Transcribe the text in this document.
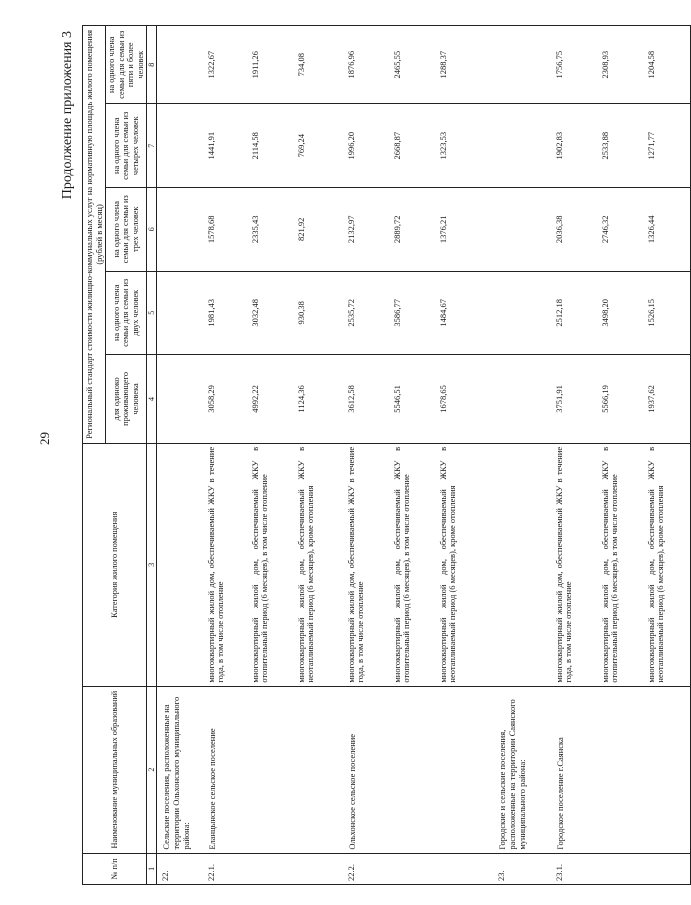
29
Продолжение приложения 3
№ п/п	Наименование муниципальных образований	Категория жилого помещения	Региональный стандарт стоимости жилищно-коммунальных услуг на нормативную площадь жилого помещения (рублей в месяц)				
			для одиноко проживающего человека	на одного члена семьи для семьи из двух человек	на одного члена семьи для семьи из трех человек	на одного члена семьи для семьи из четырех человек	на одного члена семьи для семьи из пяти и более человек
1	2	3	4	5	6	7	8
22.	Сельские поселения, расположенные на территории Ольхонского муниципального района:						
22.1.	Еланцынское сельское поселение	многоквартирный жилой дом, обеспечиваемый ЖКУ в течение года, в том числе отопление	3058,29	1981,43	1578,68	1441,91	1322,67
		многоквартирный жилой дом, обеспечиваемый ЖКУ в отопительный период (6 месяцев), в том числе отопление	4992,22	3032,48	2335,43	2114,58	1911,26
		многоквартирный жилой дом, обеспечиваемый ЖКУ в неотапливаемый период (6 месяцев), кроме отопления	1124,36	930,38	821,92	769,24	734,08
22.2.	Ольхонское сельское поселение	многоквартирный жилой дом, обеспечиваемый ЖКУ в течение года, в том числе отопление	3612,58	2535,72	2132,97	1996,20	1876,96
		многоквартирный жилой дом, обеспечиваемый ЖКУ в отопительный период (6 месяцев), в том числе отопление	5546,51	3586,77	2889,72	2668,87	2465,55
		многоквартирный жилой дом, обеспечиваемый ЖКУ в неотапливаемый период (6 месяцев), кроме отопления	1678,65	1484,67	1376,21	1323,53	1288,37
23.	Городские и сельские поселения, расположенные на территории Саянского муниципального района:						
23.1.	Городское поселение г.Саянска	многоквартирный жилой дом, обеспечиваемый ЖКУ в течение года, в том числе отопление	3751,91	2512,18	2036,38	1902,83	1756,75
		многоквартирный жилой дом, обеспечиваемый ЖКУ в отопительный период (6 месяцев), в том числе отопление	5566,19	3498,20	2746,32	2533,88	2308,93
		многоквартирный жилой дом, обеспечиваемый ЖКУ в неотапливаемый период (6 месяцев), кроме отопления	1937,62	1526,15	1326,44	1271,77	1204,58
